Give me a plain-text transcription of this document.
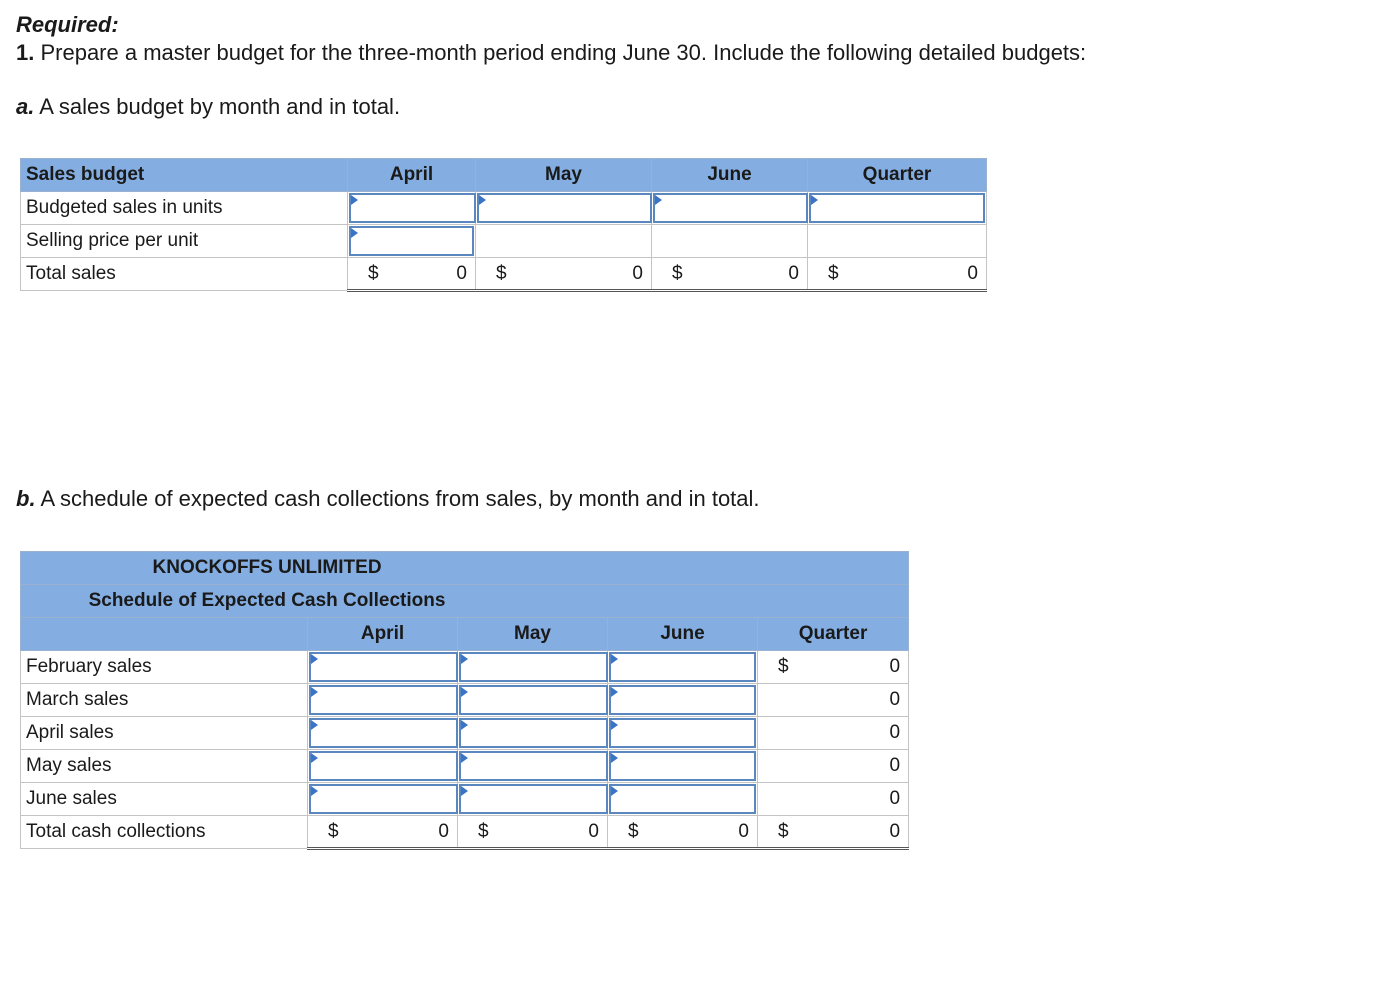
Required:
1. Prepare a master budget for the three-month period ending June 30. Include the following detailed budgets:
a. A sales budget by month and in total.
Sales budget	April	May	June	Quarter
Budgeted sales in units	

Selling price per unit	

Total sales	$ 0	$ 0	$ 0	$ 0
b. A schedule of expected cash collections from sales, by month and in total.
KNOCKOFFS UNLIMITED				
Schedule of Expected Cash Collections				
	April	May	June	Quarter
February sales				$ 0

March sales				0
April sales				0
May sales				0
June sales				0
Total cash collections	$ 0	$ 0	$ 0	$ 0
